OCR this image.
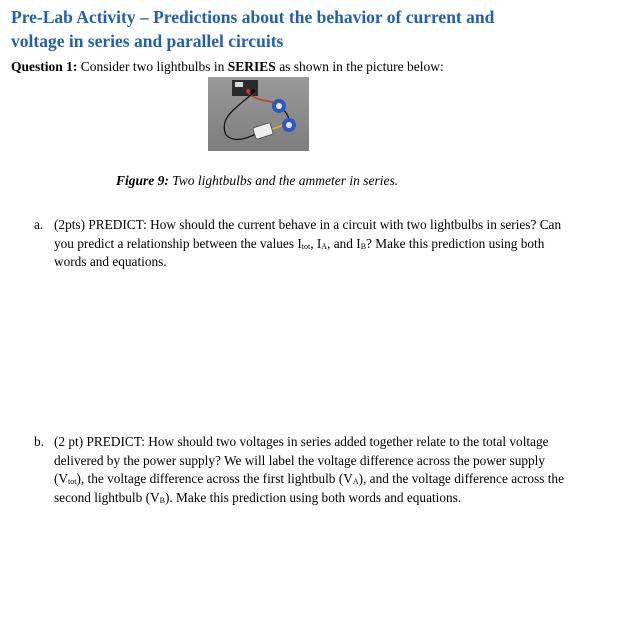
Pre-Lab Activity – Predictions about the behavior of current and
voltage in series and parallel circuits
Question 1: Consider two lightbulbs in SERIES as shown in the picture below:
Figure 9: Two lightbulbs and the ammeter in series.
a. (2pts) PREDICT: How should the current behave in a circuit with two lightbulbs in series? Can you predict a relationship between the values $I_{tot}$, $I_A$, and $I_B$? Make this prediction using both words and equations.
b. (2 pt) PREDICT: How should two voltages in series added together relate to the total voltage delivered by the power supply? We will label the voltage difference across the power supply $(V_{tot})$, the voltage difference across the first lightbulb $(V_A)$, and the voltage difference across the second lightbulb $(V_B)$. Make this prediction using both words and equations.
